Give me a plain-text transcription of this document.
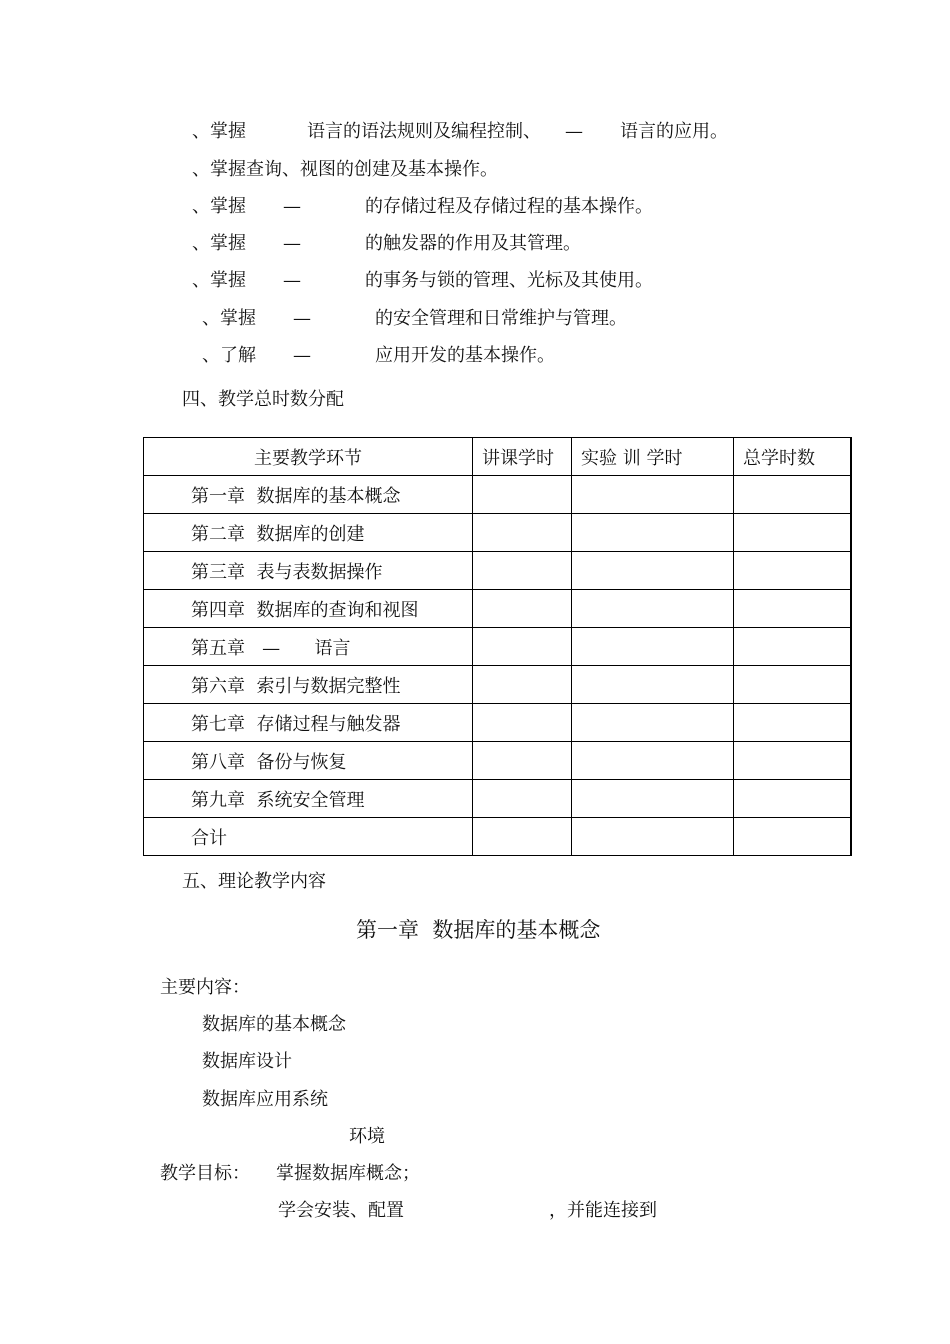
、掌握	语言的语法规则及编程控制、 — 语言的应用。
、掌握查询、视图的创建及基本操作。
、掌握 —	的存储过程及存储过程的基本操作。
、掌握 —	的触发器的作用及其管理。
、掌握 —	的事务与锁的管理、光标及其使用。
、掌握 —	的安全管理和日常维护与管理。
、了解 —	应用开发的基本操作。
四、教学总时数分配
主要教学环节	讲课学时	实验 训 学时	总学时数
第一章  数据库的基本概念			
第二章  数据库的创建			
第三章  表与表数据操作			
第四章  数据库的查询和视图			
第五章   —      语言			
第六章  索引与数据完整性			
第七章  存储过程与触发器			
第八章  备份与恢复			
第九章  系统安全管理			
合计			
五、理论教学内容
第一章  数据库的基本概念
主要内容：
数据库的基本概念
数据库设计
数据库应用系统
环境
教学目标： 掌握数据库概念；
学会安装、配置	，并能连接到
